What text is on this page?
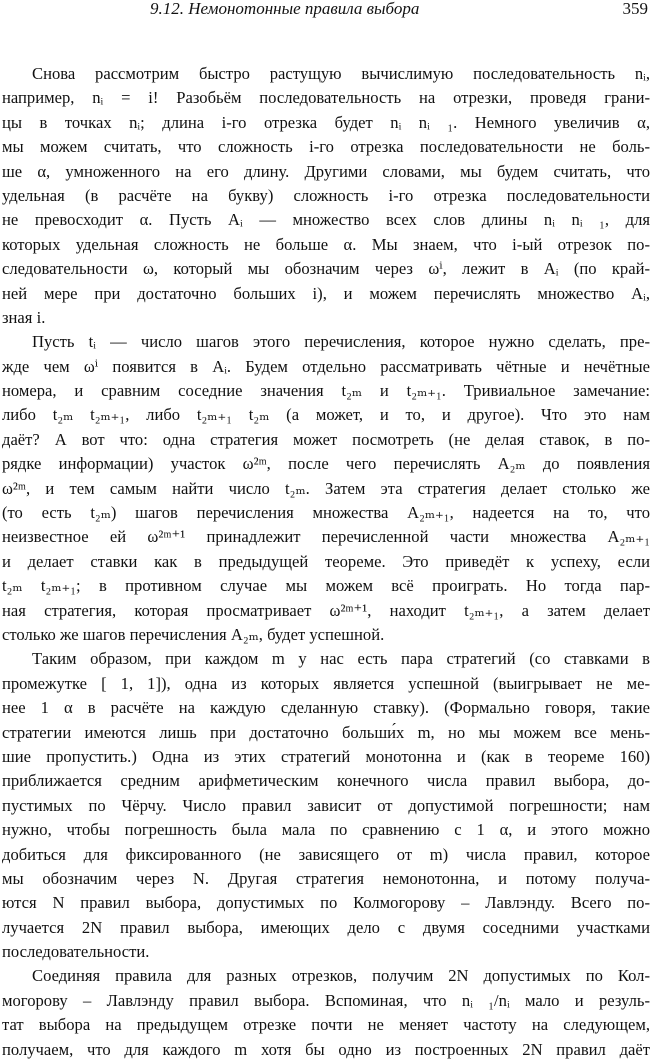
9.12. Немонотонные правила выбора	359
Снова рассмотрим быстро растущую вычислимую последовательность nᵢ,
например, nᵢ = i! Разобьём последовательность на отрезки, проведя грани-
цы в точках nᵢ; длина i-го отрезка будет nᵢ nᵢ ₁. Немного увеличив α,
мы можем считать, что сложность i-го отрезка последовательности не боль-
ше α, умноженного на его длину. Другими словами, мы будем считать, что
удельная (в расчёте на букву) сложность i-го отрезка последовательности
не превосходит α. Пусть Aᵢ — множество всех слов длины nᵢ nᵢ ₁, для
которых удельная сложность не больше α. Мы знаем, что i-ый отрезок по-
следовательности ω, который мы обозначим через ωⁱ, лежит в Aᵢ (по край-
ней мере при достаточно больших i), и можем перечислять множество Aᵢ,
зная i.
Пусть tᵢ — число шагов этого перечисления, которое нужно сделать, пре-
жде чем ωⁱ появится в Aᵢ. Будем отдельно рассматривать чётные и нечётные
номера, и сравним соседние значения t₂ₘ и t₂ₘ₊₁. Тривиальное замечание:
либо t₂ₘ t₂ₘ₊₁, либо t₂ₘ₊₁ t₂ₘ (а может, и то, и другое). Что это нам
даёт? А вот что: одна стратегия может посмотреть (не делая ставок, в по-
рядке информации) участок ω²ᵐ, после чего перечислять A₂ₘ до появления
ω²ᵐ, и тем самым найти число t₂ₘ. Затем эта стратегия делает столько же
(то есть t₂ₘ) шагов перечисления множества A₂ₘ₊₁, надеется на то, что
неизвестное ей ω²ᵐ⁺¹ принадлежит перечисленной части множества A₂ₘ₊₁
и делает ставки как в предыдущей теореме. Это приведёт к успеху, если
t₂ₘ t₂ₘ₊₁; в противном случае мы можем всё проиграть. Но тогда пар-
ная стратегия, которая просматривает ω²ᵐ⁺¹, находит t₂ₘ₊₁, а затем делает
столько же шагов перечисления A₂ₘ, будет успешной.
Таким образом, при каждом m у нас есть пара стратегий (со ставками в
промежутке [ 1, 1]), одна из которых является успешной (выигрывает не ме-
нее 1 α в расчёте на каждую сделанную ставку). (Формально говоря, такие
стратегии имеются лишь при достаточно больши́х m, но мы можем все мень-
шие пропустить.) Одна из этих стратегий монотонна и (как в теореме 160)
приближается средним арифметическим конечного числа правил выбора, до-
пустимых по Чёрчу. Число правил зависит от допустимой погрешности; нам
нужно, чтобы погрешность была мала по сравнению с 1 α, и этого можно
добиться для фиксированного (не зависящего от m) числа правил, которое
мы обозначим через N. Другая стратегия немонотонна, и потому получа-
ются N правил выбора, допустимых по Колмогорову – Лавлэнду. Всего по-
лучается 2N правил выбора, имеющих дело с двумя соседними участками
последовательности.
Соединяя правила для разных отрезков, получим 2N допустимых по Кол-
могорову – Лавлэнду правил выбора. Вспоминая, что nᵢ ₁/nᵢ мало и резуль-
тат выбора на предыдущем отрезке почти не меняет частоту на следующем,
получаем, что для каждого m хотя бы одно из построенных 2N правил даёт
